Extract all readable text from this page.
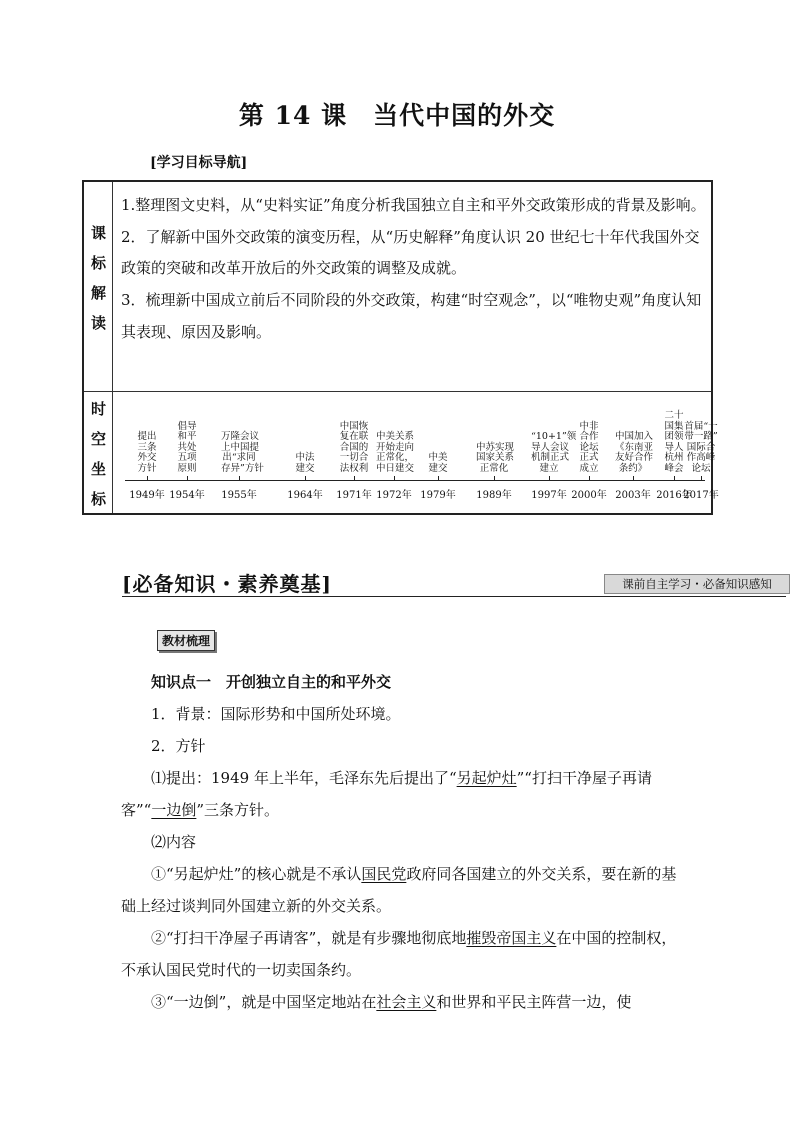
第 14 课　当代中国的外交
[学习目标导航]
课
标
解
读

1.整理图文史料，从“史料实证”角度分析我国独立自主和平外交政策形成的背景及影响。

2．了解新中国外交政策的演变历程，从“历史解释”角度认识 20 世纪七十年代我国外交政策的突破和改革开放后的外交政策的调整及成就。

3．梳理新中国成立前后不同阶段的外交政策，构建“时空观念”，以“唯物史观”角度认知其表现、原因及影响。

时
空
坐
标
提出
三条
外交
方针
1949年
倡导
和平
共处
五项
原则
1954年
万隆会议
上中国提
出“求同
存异”方针
1955年
中法
建交
1964年
中国恢
复在联
合国的
一切合
法权利
1971年
中美关系
开始走向
正常化，
中日建交
1972年
中美
建交
1979年
中苏实现
国家关系
正常化
1989年
“10+1”领
导人会议
机制正式
建立
1997年
中非
合作
论坛
正式
成立
2000年
中国加入
《东南亚
友好合作
条约》
2003年
二十
国集
团领
导人
杭州
峰会
2016年
首届“一
带一路”
国际合
作高峰
论坛
2017年
[必备知识・素养奠基]	课前自主学习・必备知识感知
教材梳理

知识点一　开创独立自主的和平外交

1．背景：国际形势和中国所处环境。

2．方针

⑴提出：1949 年上半年，毛泽东先后提出了“另起炉灶”“打扫干净屋子再请客”“一边倒”三条方针。

⑵内容

①“另起炉灶”的核心就是不承认国民党政府同各国建立的外交关系，要在新的基础上经过谈判同外国建立新的外交关系。

②“打扫干净屋子再请客”，就是有步骤地彻底地摧毁帝国主义在中国的控制权，不承认国民党时代的一切卖国条约。

③“一边倒”，就是中国坚定地站在社会主义和世界和平民主阵营一边，使
